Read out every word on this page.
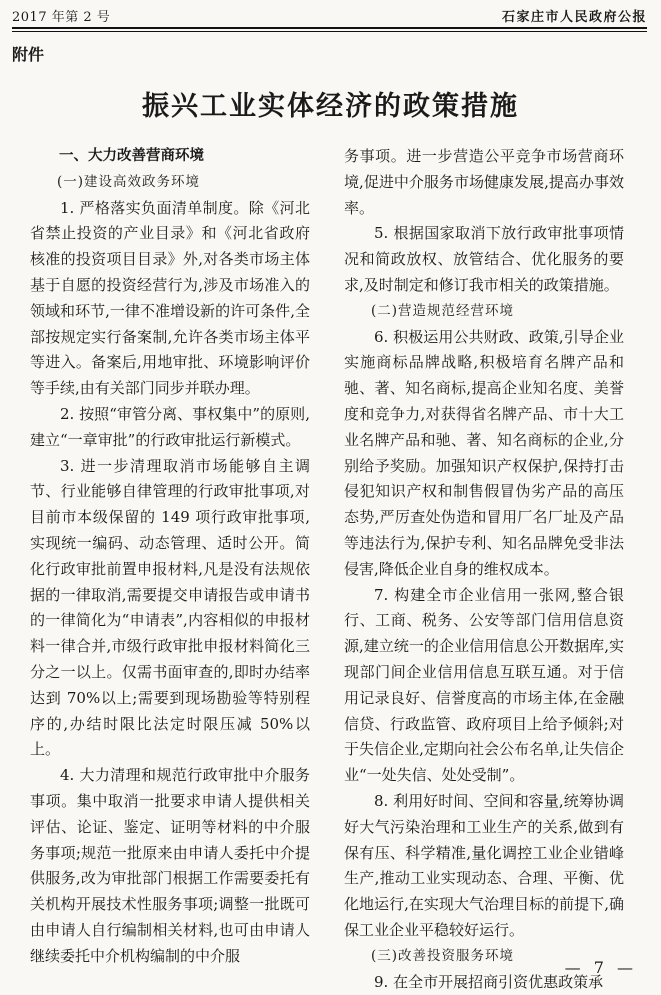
2017 年第 2 号	石家庄市人民政府公报
附件
振兴工业实体经济的政策措施

一、大力改善营商环境

(一)建设高效政务环境

1. 严格落实负面清单制度。除《河北省禁止投资的产业目录》和《河北省政府核准的投资项目目录》外,对各类市场主体基于自愿的投资经营行为,涉及市场准入的领域和环节,一律不准增设新的许可条件,全部按规定实行备案制,允许各类市场主体平等进入。备案后,用地审批、环境影响评价等手续,由有关部门同步并联办理。

2. 按照“审管分离、事权集中”的原则,建立“一章审批”的行政审批运行新模式。

3. 进一步清理取消市场能够自主调节、行业能够自律管理的行政审批事项,对目前市本级保留的 149 项行政审批事项,实现统一编码、动态管理、适时公开。简化行政审批前置申报材料,凡是没有法规依据的一律取消,需要提交申请报告或申请书的一律简化为“申请表”,内容相似的申报材料一律合并,市级行政审批申报材料简化三分之一以上。仅需书面审查的,即时办结率达到 70%以上;需要到现场勘验等特别程序的,办结时限比法定时限压减 50%以上。

4. 大力清理和规范行政审批中介服务事项。集中取消一批要求申请人提供相关评估、论证、鉴定、证明等材料的中介服务事项;规范一批原来由申请人委托中介提供服务,改为审批部门根据工作需要委托有关机构开展技术性服务事项;调整一批既可由申请人自行编制相关材料,也可由申请人继续委托中介机构编制的中介服

务事项。进一步营造公平竞争市场营商环境,促进中介服务市场健康发展,提高办事效率。

5. 根据国家取消下放行政审批事项情况和简政放权、放管结合、优化服务的要求,及时制定和修订我市相关的政策措施。

(二)营造规范经营环境

6. 积极运用公共财政、政策,引导企业实施商标品牌战略,积极培育名牌产品和驰、著、知名商标,提高企业知名度、美誉度和竞争力,对获得省名牌产品、市十大工业名牌产品和驰、著、知名商标的企业,分别给予奖励。加强知识产权保护,保持打击侵犯知识产权和制售假冒伪劣产品的高压态势,严厉查处伪造和冒用厂名厂址及产品等违法行为,保护专利、知名品牌免受非法侵害,降低企业自身的维权成本。

7. 构建全市企业信用一张网,整合银行、工商、税务、公安等部门信用信息资源,建立统一的企业信用信息公开数据库,实现部门间企业信用信息互联互通。对于信用记录良好、信誉度高的市场主体,在金融信贷、行政监管、政府项目上给予倾斜;对于失信企业,定期向社会公布名单,让失信企业“一处失信、处处受制”。

8. 利用好时间、空间和容量,统筹协调好大气污染治理和工业生产的关系,做到有保有压、科学精准,量化调控工业企业错峰生产,推动工业实现动态、合理、平衡、优化地运行,在实现大气治理目标的前提下,确保工业企业平稳较好运行。

(三)改善投资服务环境

9. 在全市开展招商引资优惠政策承

— 7 —
